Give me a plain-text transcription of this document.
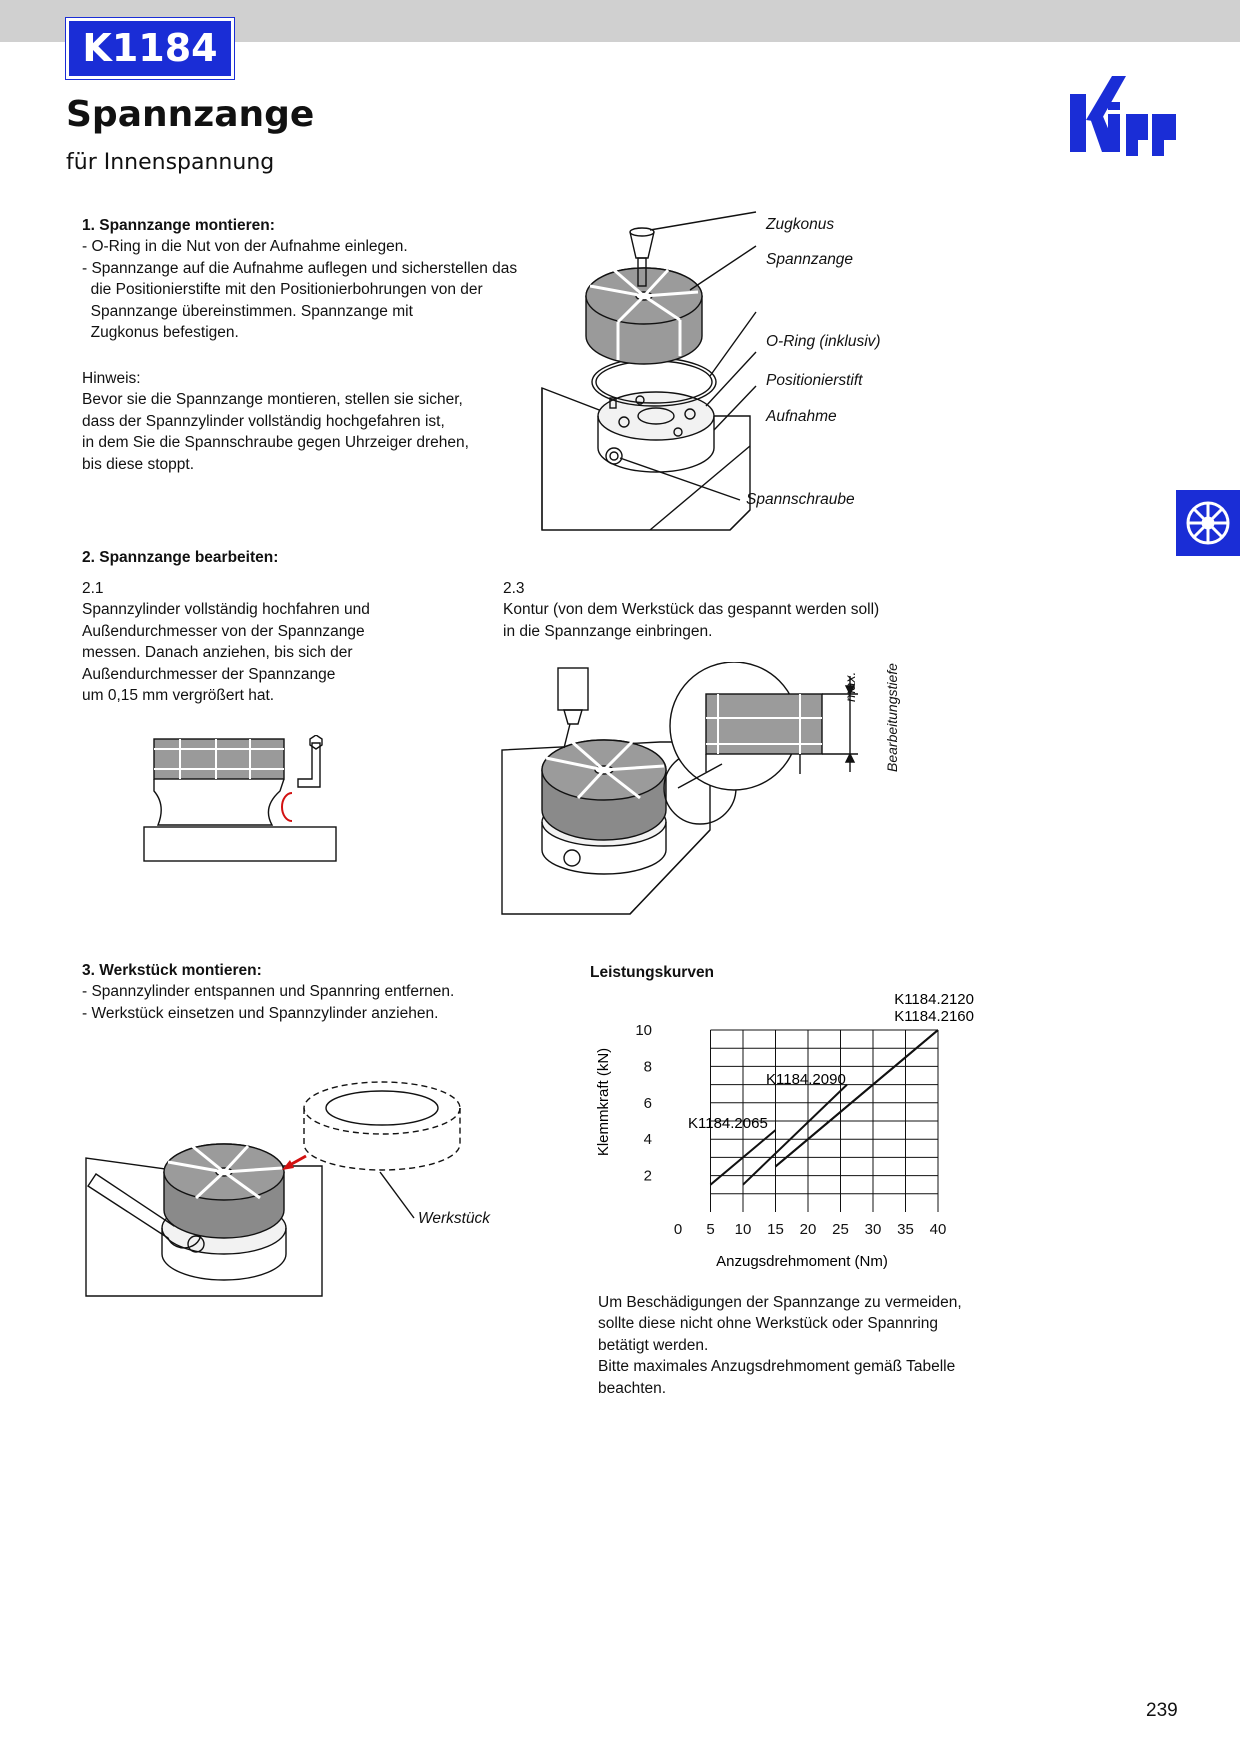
K1184
Spannzange
für Innenspannung
1. Spannzange montieren:
- O-Ring in die Nut von der Aufnahme einlegen.
- Spannzange auf die Aufnahme auflegen und sicherstellen das
die Positionierstifte mit den Positionierbohrungen von der
Spannzange übereinstimmen. Spannzange mit
Zugkonus befestigen.
Hinweis:
Bevor sie die Spannzange montieren, stellen sie sicher,
dass der Spannzylinder vollständig hochgefahren ist,
in dem Sie die Spannschraube gegen Uhrzeiger drehen,
bis diese stoppt.
Zugkonus
Spannzange
O-Ring (inklusiv)
Positionierstift
Aufnahme
Spannschraube
2. Spannzange bearbeiten:
2.1
Spannzylinder vollständig hochfahren und
Außendurchmesser von der Spannzange
messen. Danach anziehen, bis sich der
Außendurchmesser der Spannzange
um 0,15 mm vergrößert hat.
2.3
Kontur (von dem Werkstück das gespannt werden soll)
in die Spannzange einbringen.
max. Bearbeitungstiefe
3. Werkstück montieren:
- Spannzylinder entspannen und Spannring entfernen.
- Werkstück einsetzen und Spannzylinder anziehen.
Werkstück
Leistungskurven
0 5 10 15 20 25 30 35 40
2
4
6
8
10
Anzugsdrehmoment (Nm)
Klemmkraft (kN)
K1184.2120
K1184.2160
K1184.2090
K1184.2065
Um Beschädigungen der Spannzange zu vermeiden,
sollte diese nicht ohne Werkstück oder Spannring
betätigt werden.
Bitte maximales Anzugsdrehmoment gemäß Tabelle
beachten.
239
